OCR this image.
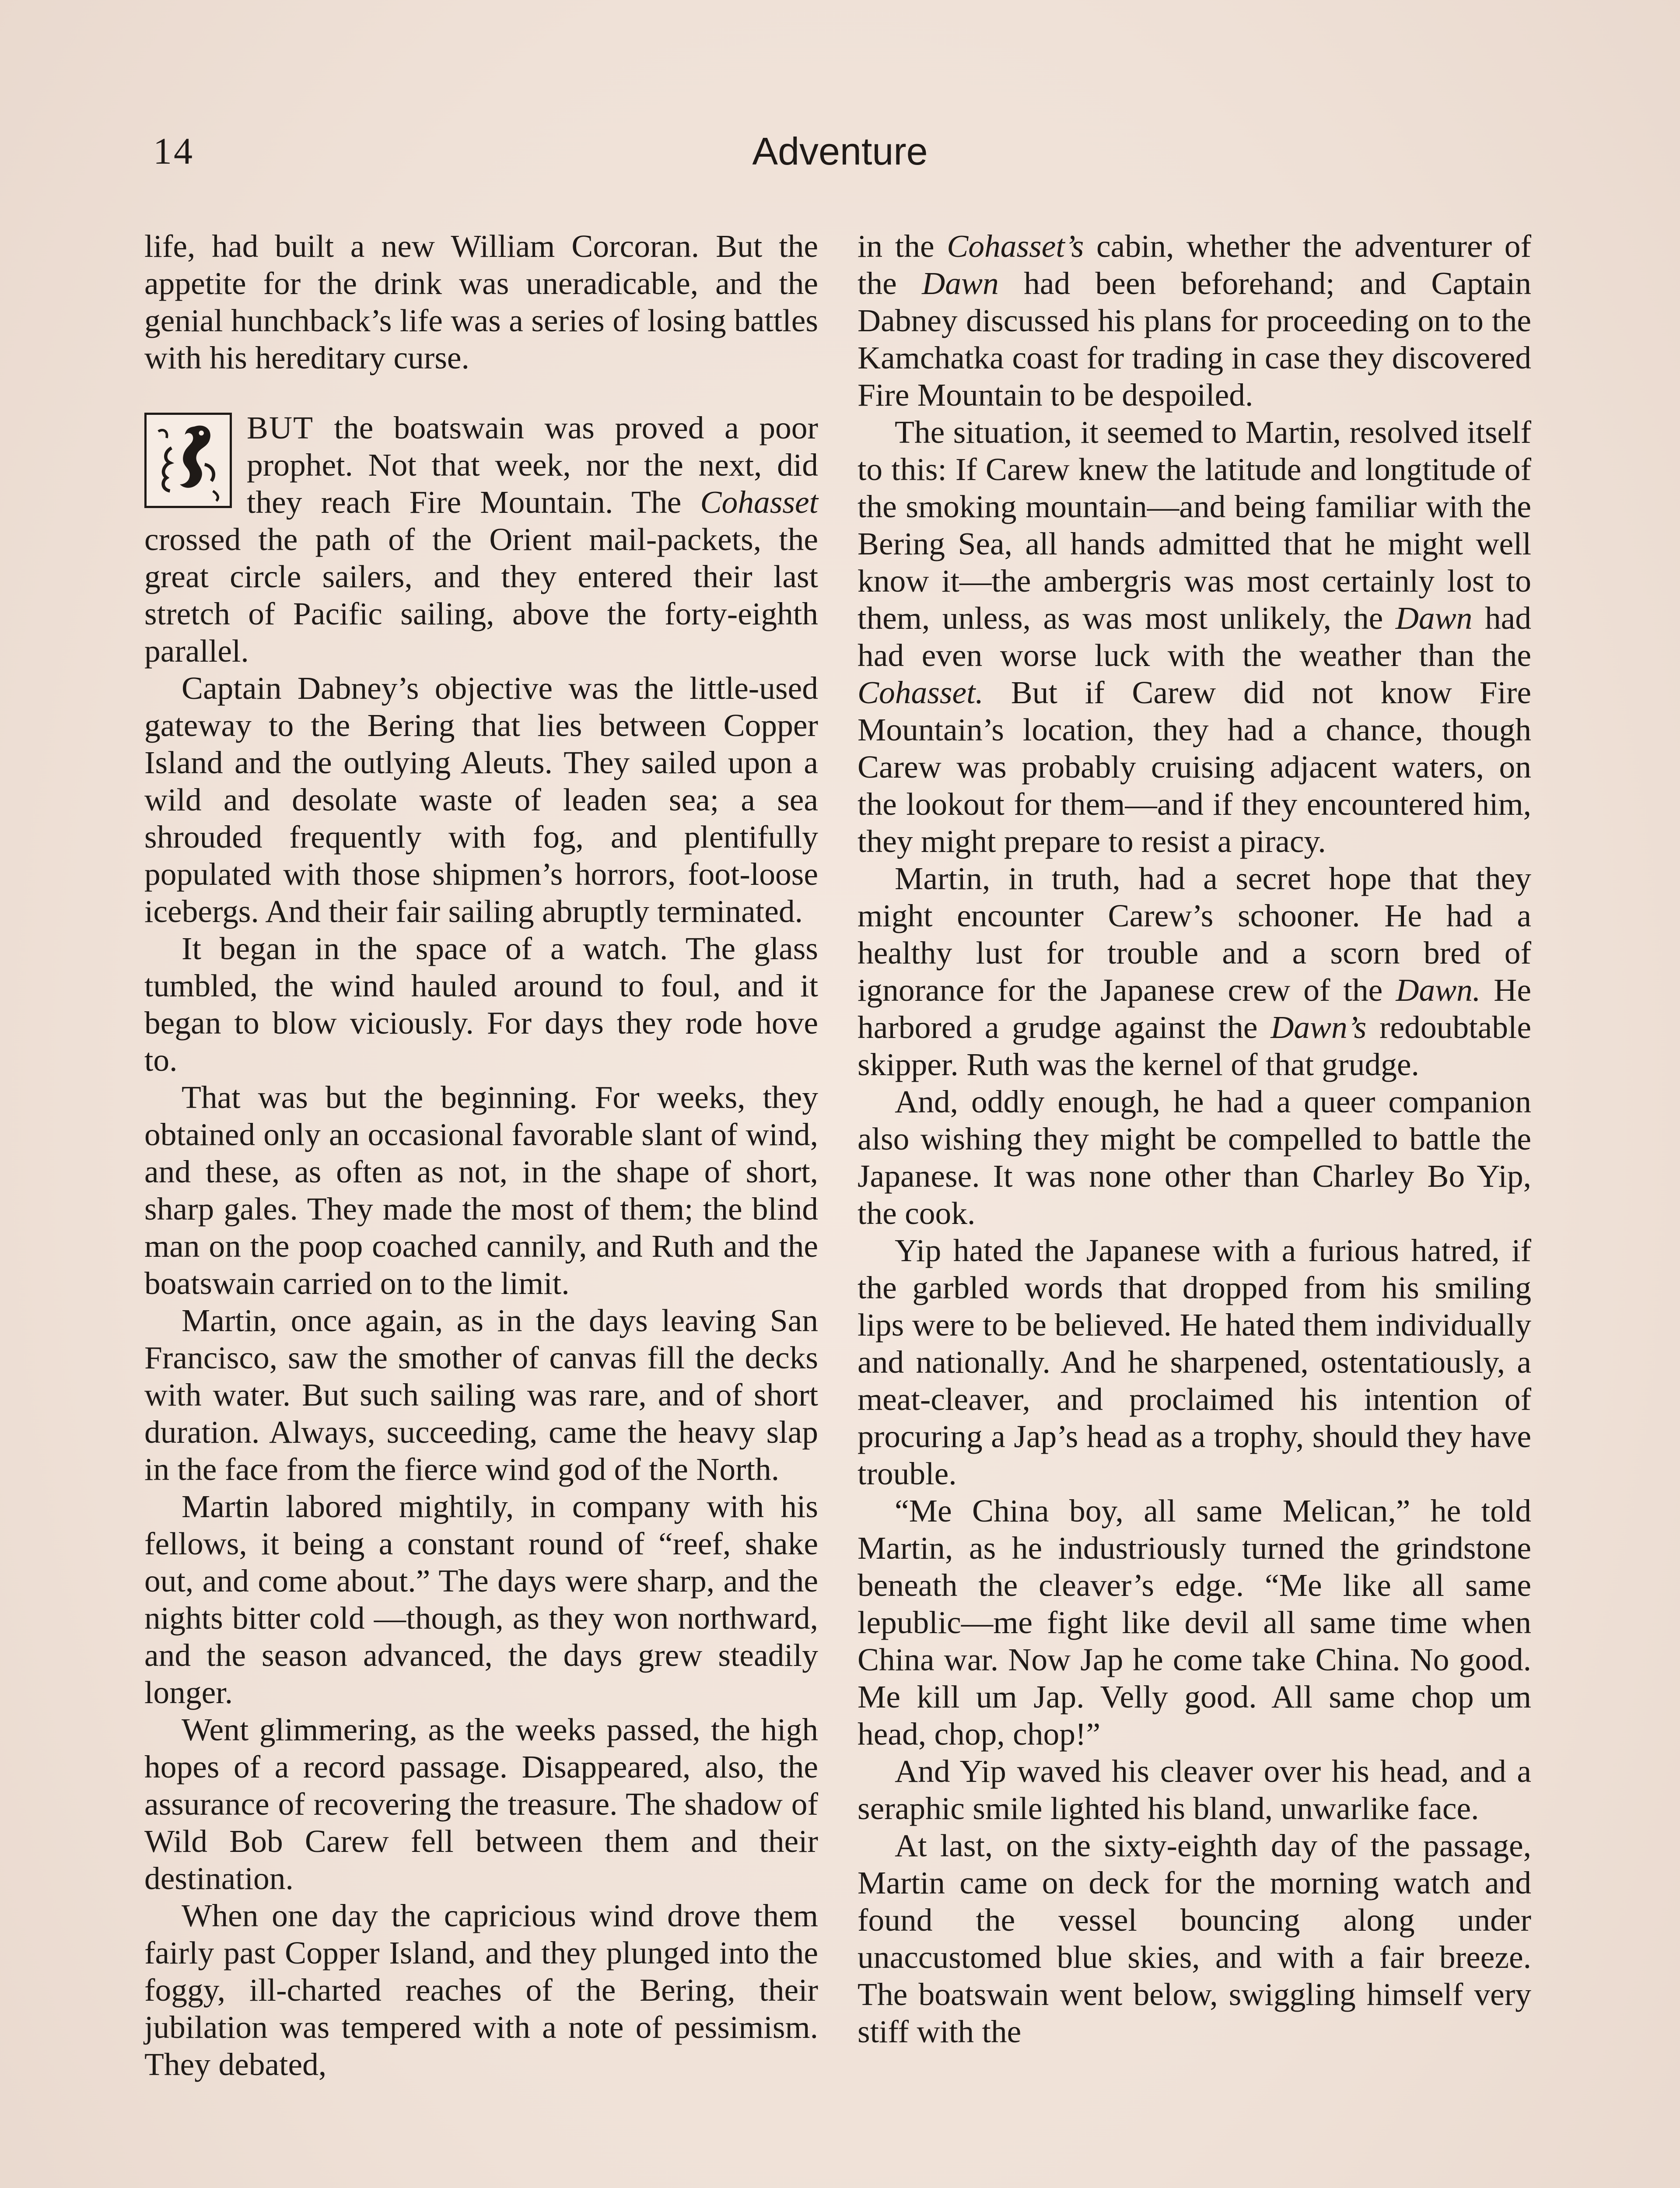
14	Adventure

life, had built a new William Corcoran. But the appetite for the drink was uneradicable, and the genial hunchback’s life was a series of losing battles with his hereditary curse.

BUT the boatswain was proved a poor prophet. Not that week, nor the next, did they reach Fire Mountain. The Cohasset crossed the path of the Orient mail-packets, the great circle sailers, and they entered their last stretch of Pacific sailing, above the forty-eighth parallel.

Captain Dabney’s objective was the little-used gateway to the Bering that lies between Copper Island and the outlying Aleuts. They sailed upon a wild and desolate waste of leaden sea; a sea shrouded frequently with fog, and plentifully populated with those shipmen’s horrors, foot-loose icebergs. And their fair sailing abruptly terminated.

It began in the space of a watch. The glass tumbled, the wind hauled around to foul, and it began to blow viciously. For days they rode hove to.

That was but the beginning. For weeks, they obtained only an occasional favorable slant of wind, and these, as often as not, in the shape of short, sharp gales. They made the most of them; the blind man on the poop coached cannily, and Ruth and the boatswain carried on to the limit.

Martin, once again, as in the days leaving San Francisco, saw the smother of canvas fill the decks with water. But such sailing was rare, and of short duration. Always, succeeding, came the heavy slap in the face from the fierce wind god of the North.

Martin labored mightily, in company with his fellows, it being a constant round of “reef, shake out, and come about.” The days were sharp, and the nights bitter cold —though, as they won northward, and the season advanced, the days grew steadily longer.

Went glimmering, as the weeks passed, the high hopes of a record passage. Disappeared, also, the assurance of recovering the treasure. The shadow of Wild Bob Carew fell between them and their destination.

When one day the capricious wind drove them fairly past Copper Island, and they plunged into the foggy, ill-charted reaches of the Bering, their jubilation was tempered with a note of pessimism. They debated,

in the Cohasset’s cabin, whether the adventurer of the Dawn had been beforehand; and Captain Dabney discussed his plans for proceeding on to the Kamchatka coast for trading in case they discovered Fire Mountain to be despoiled.

The situation, it seemed to Martin, resolved itself to this: If Carew knew the latitude and longtitude of the smoking mountain—and being familiar with the Bering Sea, all hands admitted that he might well know it—the ambergris was most certainly lost to them, unless, as was most unlikely, the Dawn had had even worse luck with the weather than the Cohasset. But if Carew did not know Fire Mountain’s location, they had a chance, though Carew was probably cruising adjacent waters, on the lookout for them—and if they encountered him, they might prepare to resist a piracy.

Martin, in truth, had a secret hope that they might encounter Carew’s schooner. He had a healthy lust for trouble and a scorn bred of ignorance for the Japanese crew of the Dawn. He harbored a grudge against the Dawn’s redoubtable skipper. Ruth was the kernel of that grudge.

And, oddly enough, he had a queer companion also wishing they might be compelled to battle the Japanese. It was none other than Charley Bo Yip, the cook.

Yip hated the Japanese with a furious hatred, if the garbled words that dropped from his smiling lips were to be believed. He hated them individually and nationally. And he sharpened, ostentatiously, a meat-cleaver, and proclaimed his intention of procuring a Jap’s head as a trophy, should they have trouble.

“Me China boy, all same Melican,” he told Martin, as he industriously turned the grindstone beneath the cleaver’s edge. “Me like all same lepublic—me fight like devil all same time when China war. Now Jap he come take China. No good. Me kill um Jap. Velly good. All same chop um head, chop, chop!”

And Yip waved his cleaver over his head, and a seraphic smile lighted his bland, unwarlike face.

At last, on the sixty-eighth day of the passage, Martin came on deck for the morning watch and found the vessel bouncing along under unaccustomed blue skies, and with a fair breeze. The boatswain went below, swiggling himself very stiff with the
